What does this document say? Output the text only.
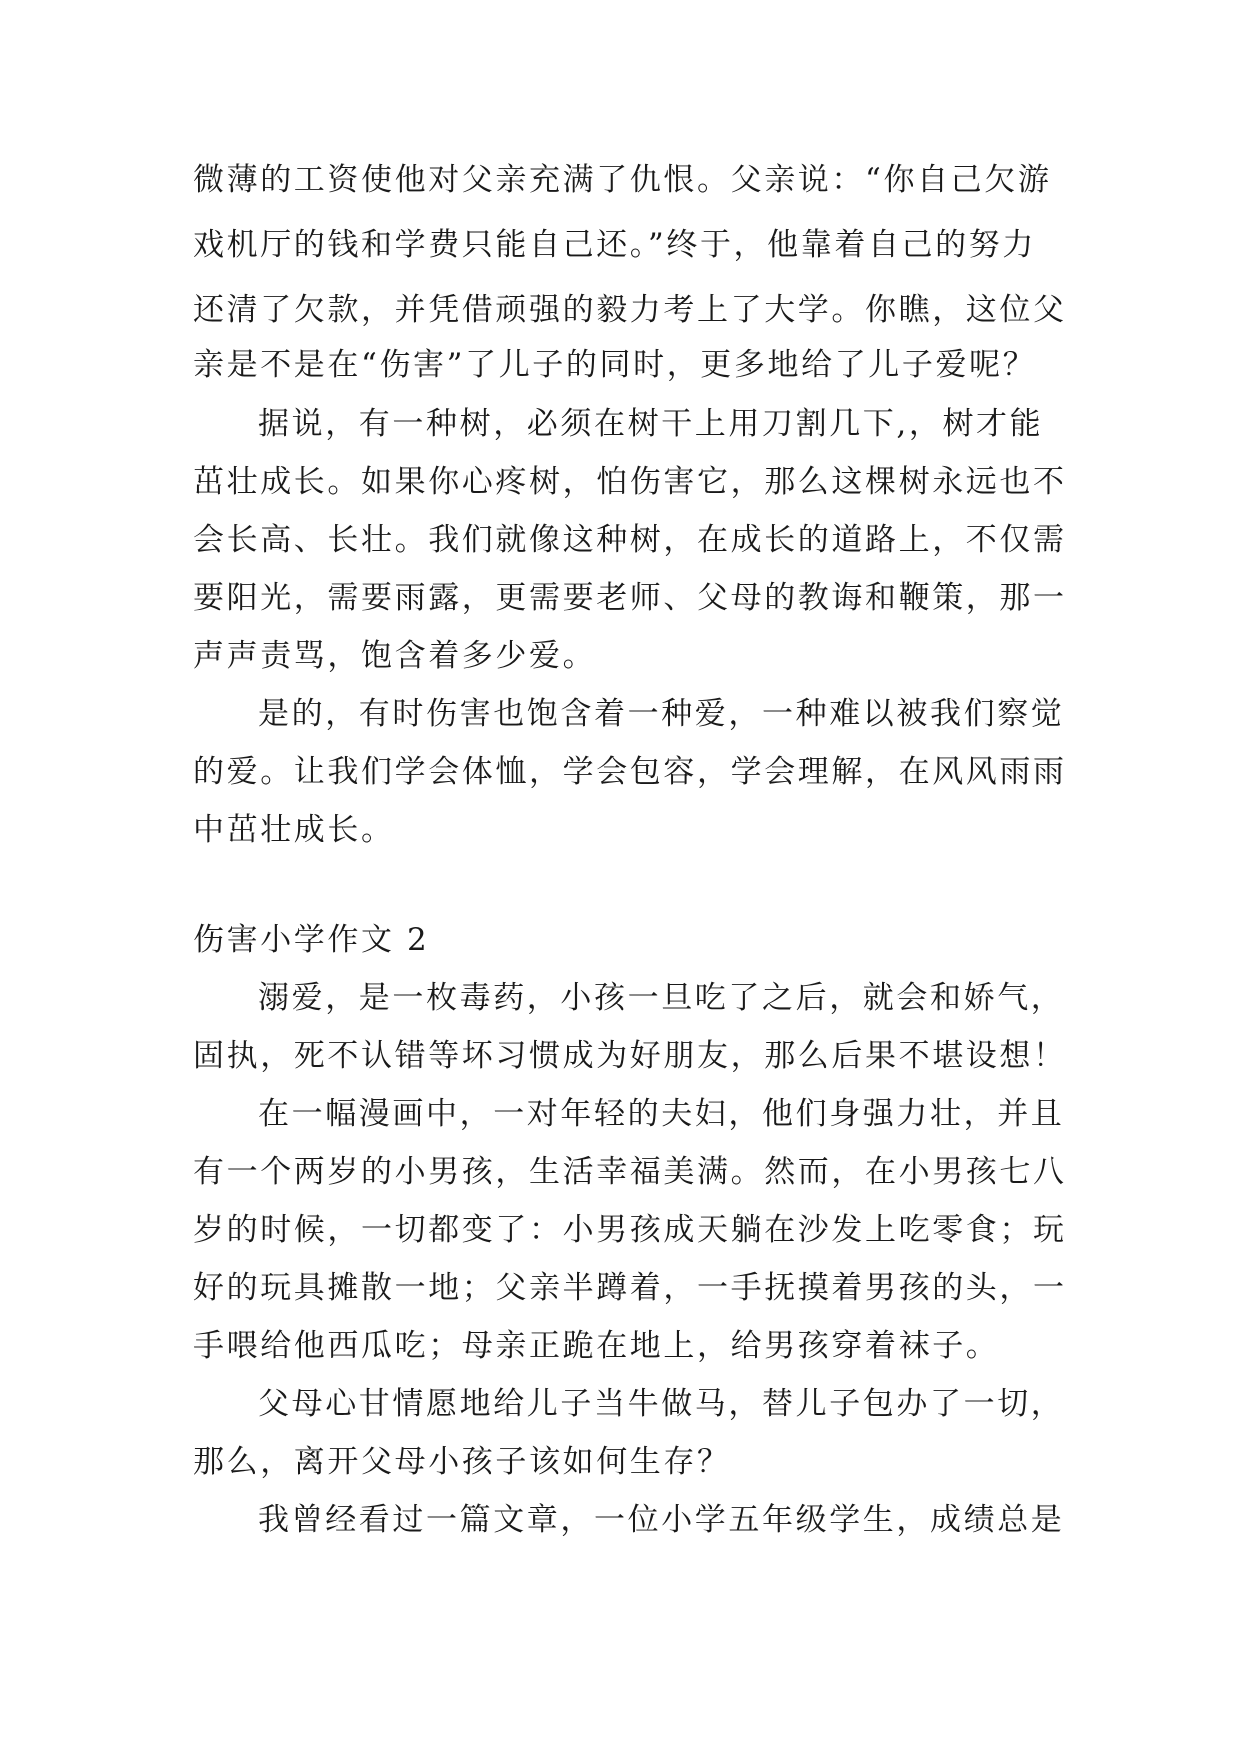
微薄的工资使他对父亲充满了仇恨。父亲说：“你自己欠游
戏机厅的钱和学费只能自己还。”终于，他靠着自己的努力
还清了欠款，并凭借顽强的毅力考上了大学。你瞧，这位父
亲是不是在“伤害”了儿子的同时，更多地给了儿子爱呢？
据说，有一种树，必须在树干上用刀割几下,，树才能
茁壮成长。如果你心疼树，怕伤害它，那么这棵树永远也不
会长高、长壮。我们就像这种树，在成长的道路上，不仅需
要阳光，需要雨露，更需要老师、父母的教诲和鞭策，那一
声声责骂，饱含着多少爱。
是的，有时伤害也饱含着一种爱，一种难以被我们察觉
的爱。让我们学会体恤，学会包容，学会理解，在风风雨雨
中茁壮成长。
伤害小学作文 2
溺爱，是一枚毒药，小孩一旦吃了之后，就会和娇气，
固执，死不认错等坏习惯成为好朋友，那么后果不堪设想！
在一幅漫画中，一对年轻的夫妇，他们身强力壮，并且
有一个两岁的小男孩，生活幸福美满。然而，在小男孩七八
岁的时候，一切都变了：小男孩成天躺在沙发上吃零食；玩
好的玩具摊散一地；父亲半蹲着，一手抚摸着男孩的头，一
手喂给他西瓜吃；母亲正跪在地上，给男孩穿着袜子。
父母心甘情愿地给儿子当牛做马，替儿子包办了一切，
那么，离开父母小孩子该如何生存？
我曾经看过一篇文章，一位小学五年级学生，成绩总是
